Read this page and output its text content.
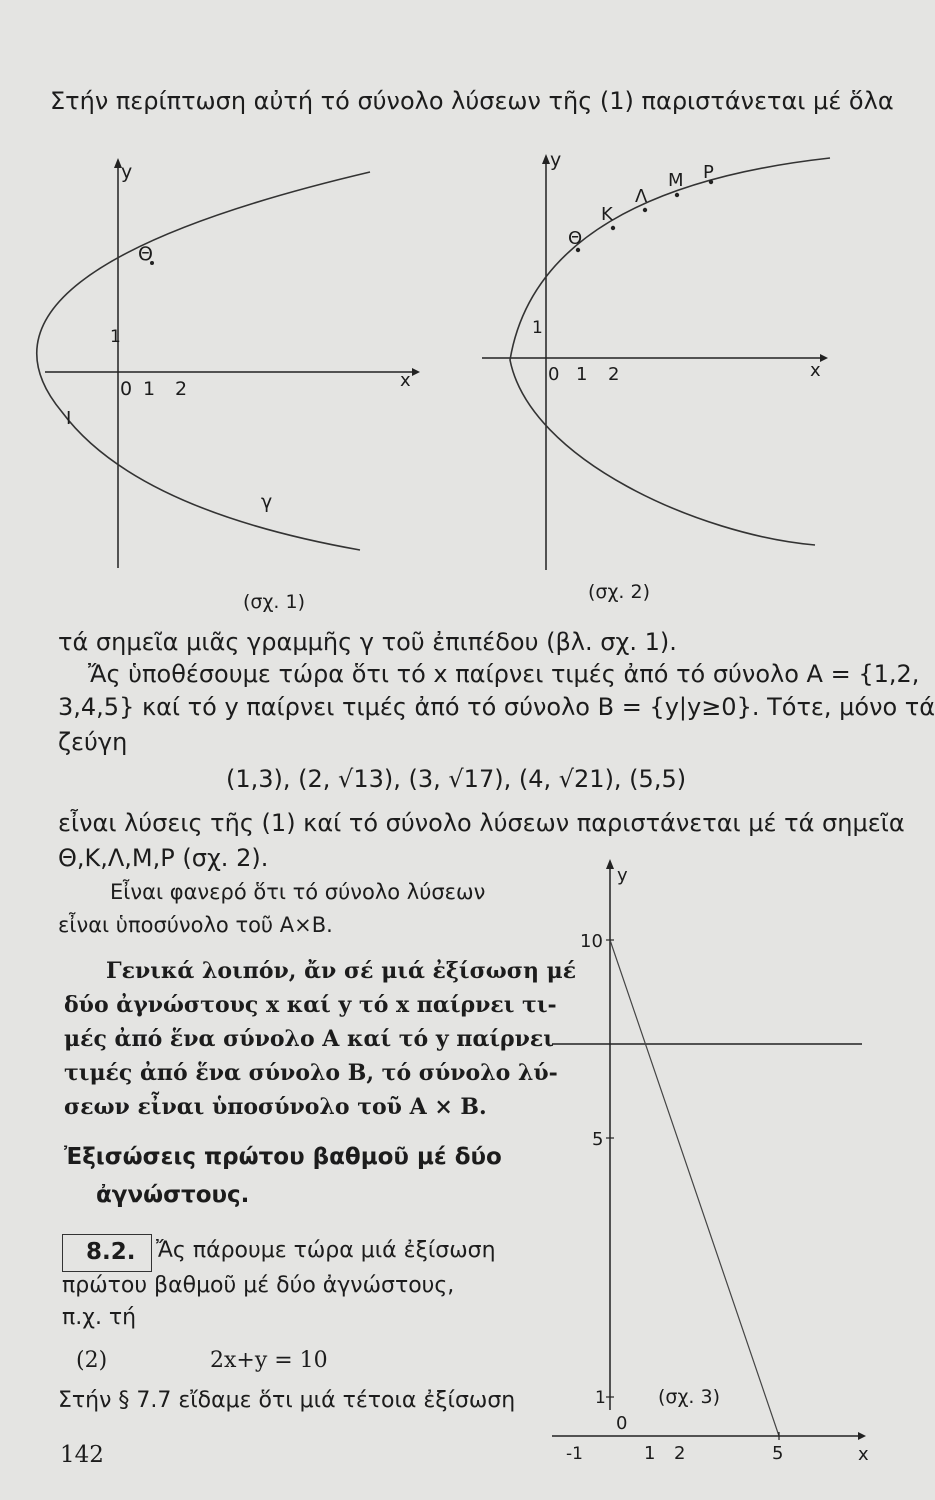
Στήν περίπτωση αὐτή τό σύνολο λύσεων τῆς (1) παριστάνεται μέ ὅλα
y
x
0 1 2
1
Θ
Ι
γ
(σχ. 1)
y
x
0 1 2
1
Θ
Κ
Λ
Μ Ρ
(σχ. 2)
τά σημεῖα μιᾶς γραμμῆς γ τοῦ ἐπιπέδου (βλ. σχ. 1).
Ἄς ὑποθέσουμε τώρα ὅτι τό x παίρνει τιμές ἀπό τό σύνολο A = {1,2,
3,4,5} καί τό y παίρνει τιμές ἀπό τό σύνολο B = {y|y≥0}. Τότε, μόνο τά
ζεύγη
(1,3), (2, √13), (3, √17), (4, √21), (5,5)
εἶναι λύσεις τῆς (1) καί τό σύνολο λύσεων παριστάνεται μέ τά σημεῖα
Θ,Κ,Λ,Μ,Ρ (σχ. 2).
Εἶναι φανερό ὅτι τό σύνολο λύσεων
εἶναι ὑποσύνολο τοῦ A×B.
Γενικά λοιπόν, ἄν σέ μιά ἐξίσωση μέ
δύο ἀγνώστους x καί y τό x παίρνει τι-
μές ἀπό ἕνα σύνολο A καί τό y παίρνει
τιμές ἀπό ἕνα σύνολο B, τό σύνολο λύ-
σεων εἶναι ὑποσύνολο τοῦ A × B.
Ἐξισώσεις πρώτου βαθμοῦ μέ δύο
ἀγνώστους.
8.2. Ἄς πάρουμε τώρα μιά ἐξίσωση
πρώτου βαθμοῦ μέ δύο ἀγνώστους,
π.χ. τή
(2)	2x+y = 10
Στήν § 7.7 εἴδαμε ὅτι μιά τέτοια ἐξίσωση
y
x
10
5
1
0
-1	1 2	5
(σχ. 3)
142
